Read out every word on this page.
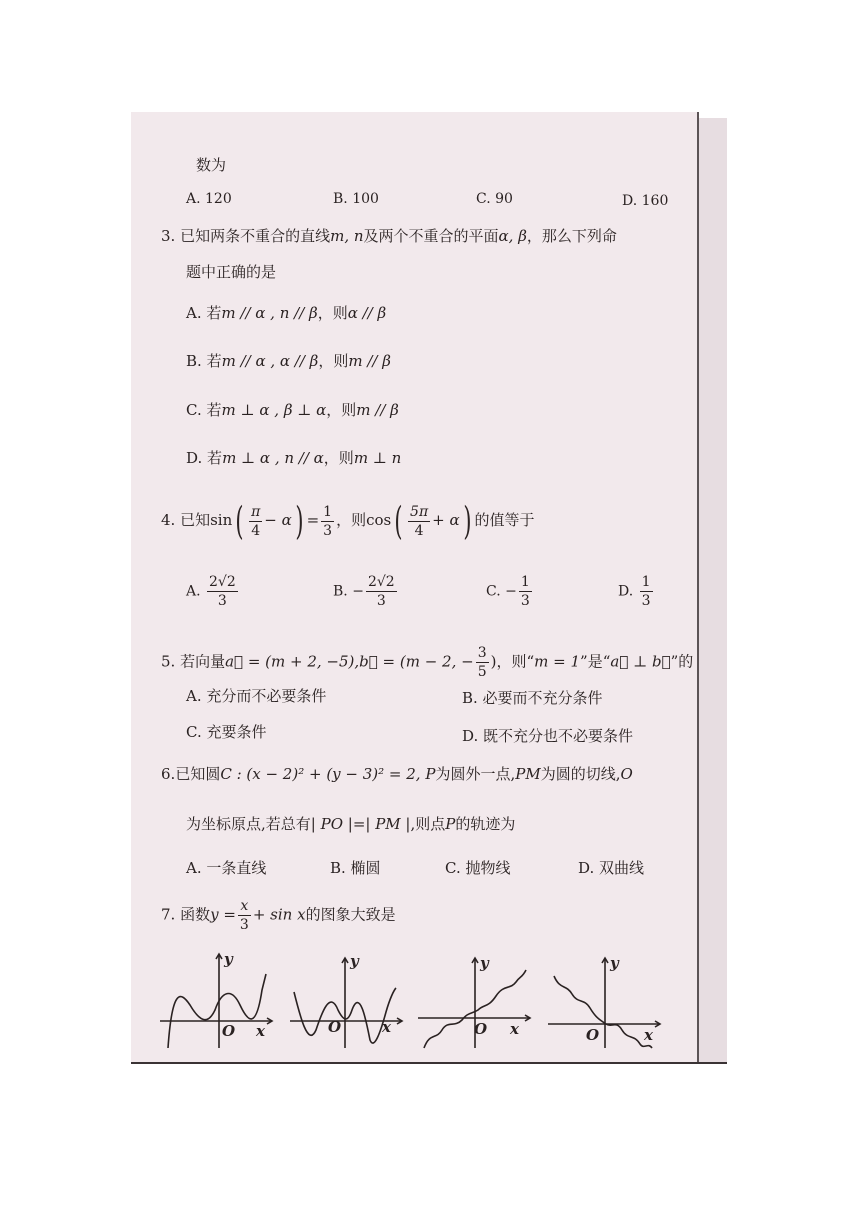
数为
A. 120	B. 100	C. 90	D. 160
3. 已知两条不重合的直线m, n及两个不重合的平面α, β，那么下列命
题中正确的是
A. 若m // α , n // β，则α // β
B. 若m // α , α // β，则m // β
C. 若m ⊥ α , β ⊥ α，则m // β
D. 若m ⊥ α , n // α，则m ⊥ n
4. 已知$\sin( \frac{\pi}{4} - \alpha) = \frac{1}{3}$ ，则$\cos( \frac{5\pi}{4} + \alpha)$ 的值等于
A. $\frac{2√2}{3}$	B. − $\frac{2√2}{3}$	C. − $\frac{1}{3}$	D. $\frac{1}{3}$
5. 若向量a⃗ = (m + 2, −5),b⃗ = (m − 2, − $\frac{3}{5}$ )，则“m = 1”是“a⃗ ⊥ b⃗”的
A. 充分而不必要条件	B. 必要而不充分条件
C. 充要条件	D. 既不充分也不必要条件
6.已知圆C : (x − 2)² + (y − 3)² = 2, P为圆外一点,PM为圆的切线,O
为坐标原点,若总有| PO |=| PM |,则点P的轨迹为
A. 一条直线	B. 椭圆	C. 抛物线	D. 双曲线
7. 函数$y = \frac{x}{3} + \sin x$的图象大致是
y
O x
y
O	x
y
O x
y
O	x
